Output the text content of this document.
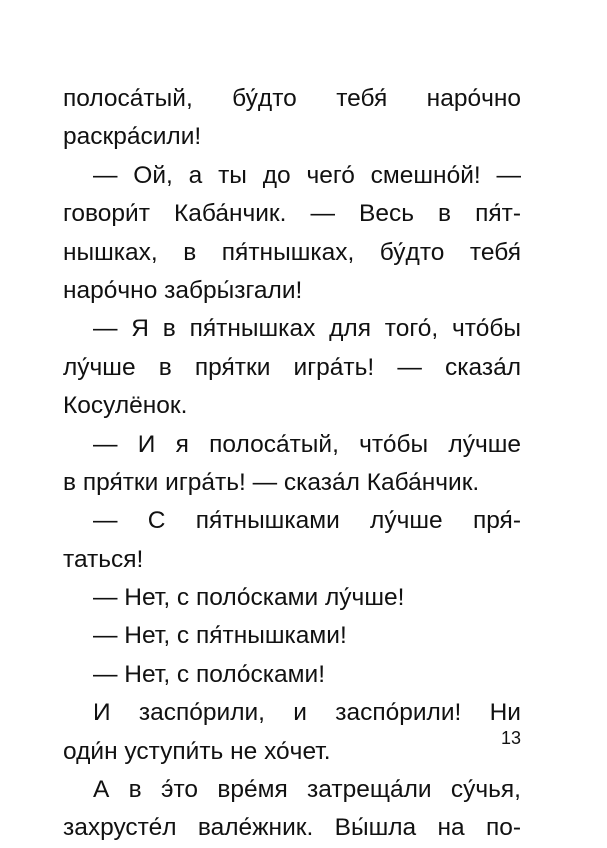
полоса́тый, бу́дто тебя́ наро́чно
раскра́сили!
— Ой, а ты до чего́ смешно́й! —
говори́т Каба́нчик. — Весь в пя́т-
нышках, в пя́тнышках, бу́дто тебя́
наро́чно забры́згали!
— Я в пя́тнышках для того́, что́бы
лу́чше в пря́тки игра́ть! — сказа́л
Косулёнок.
— И я полоса́тый, что́бы лу́чше
в пря́тки игра́ть! — сказа́л Каба́нчик.
— С пя́тнышками лу́чше пря́-
таться!
— Нет, с поло́сками лу́чше!
— Нет, с пя́тнышками!
— Нет, с поло́сками!
И заспо́рили, и заспо́рили! Ни
оди́н уступи́ть не хо́чет.
А в э́то вре́мя затреща́ли су́чья,
захрусте́л вале́жник. Вы́шла на по-
13
